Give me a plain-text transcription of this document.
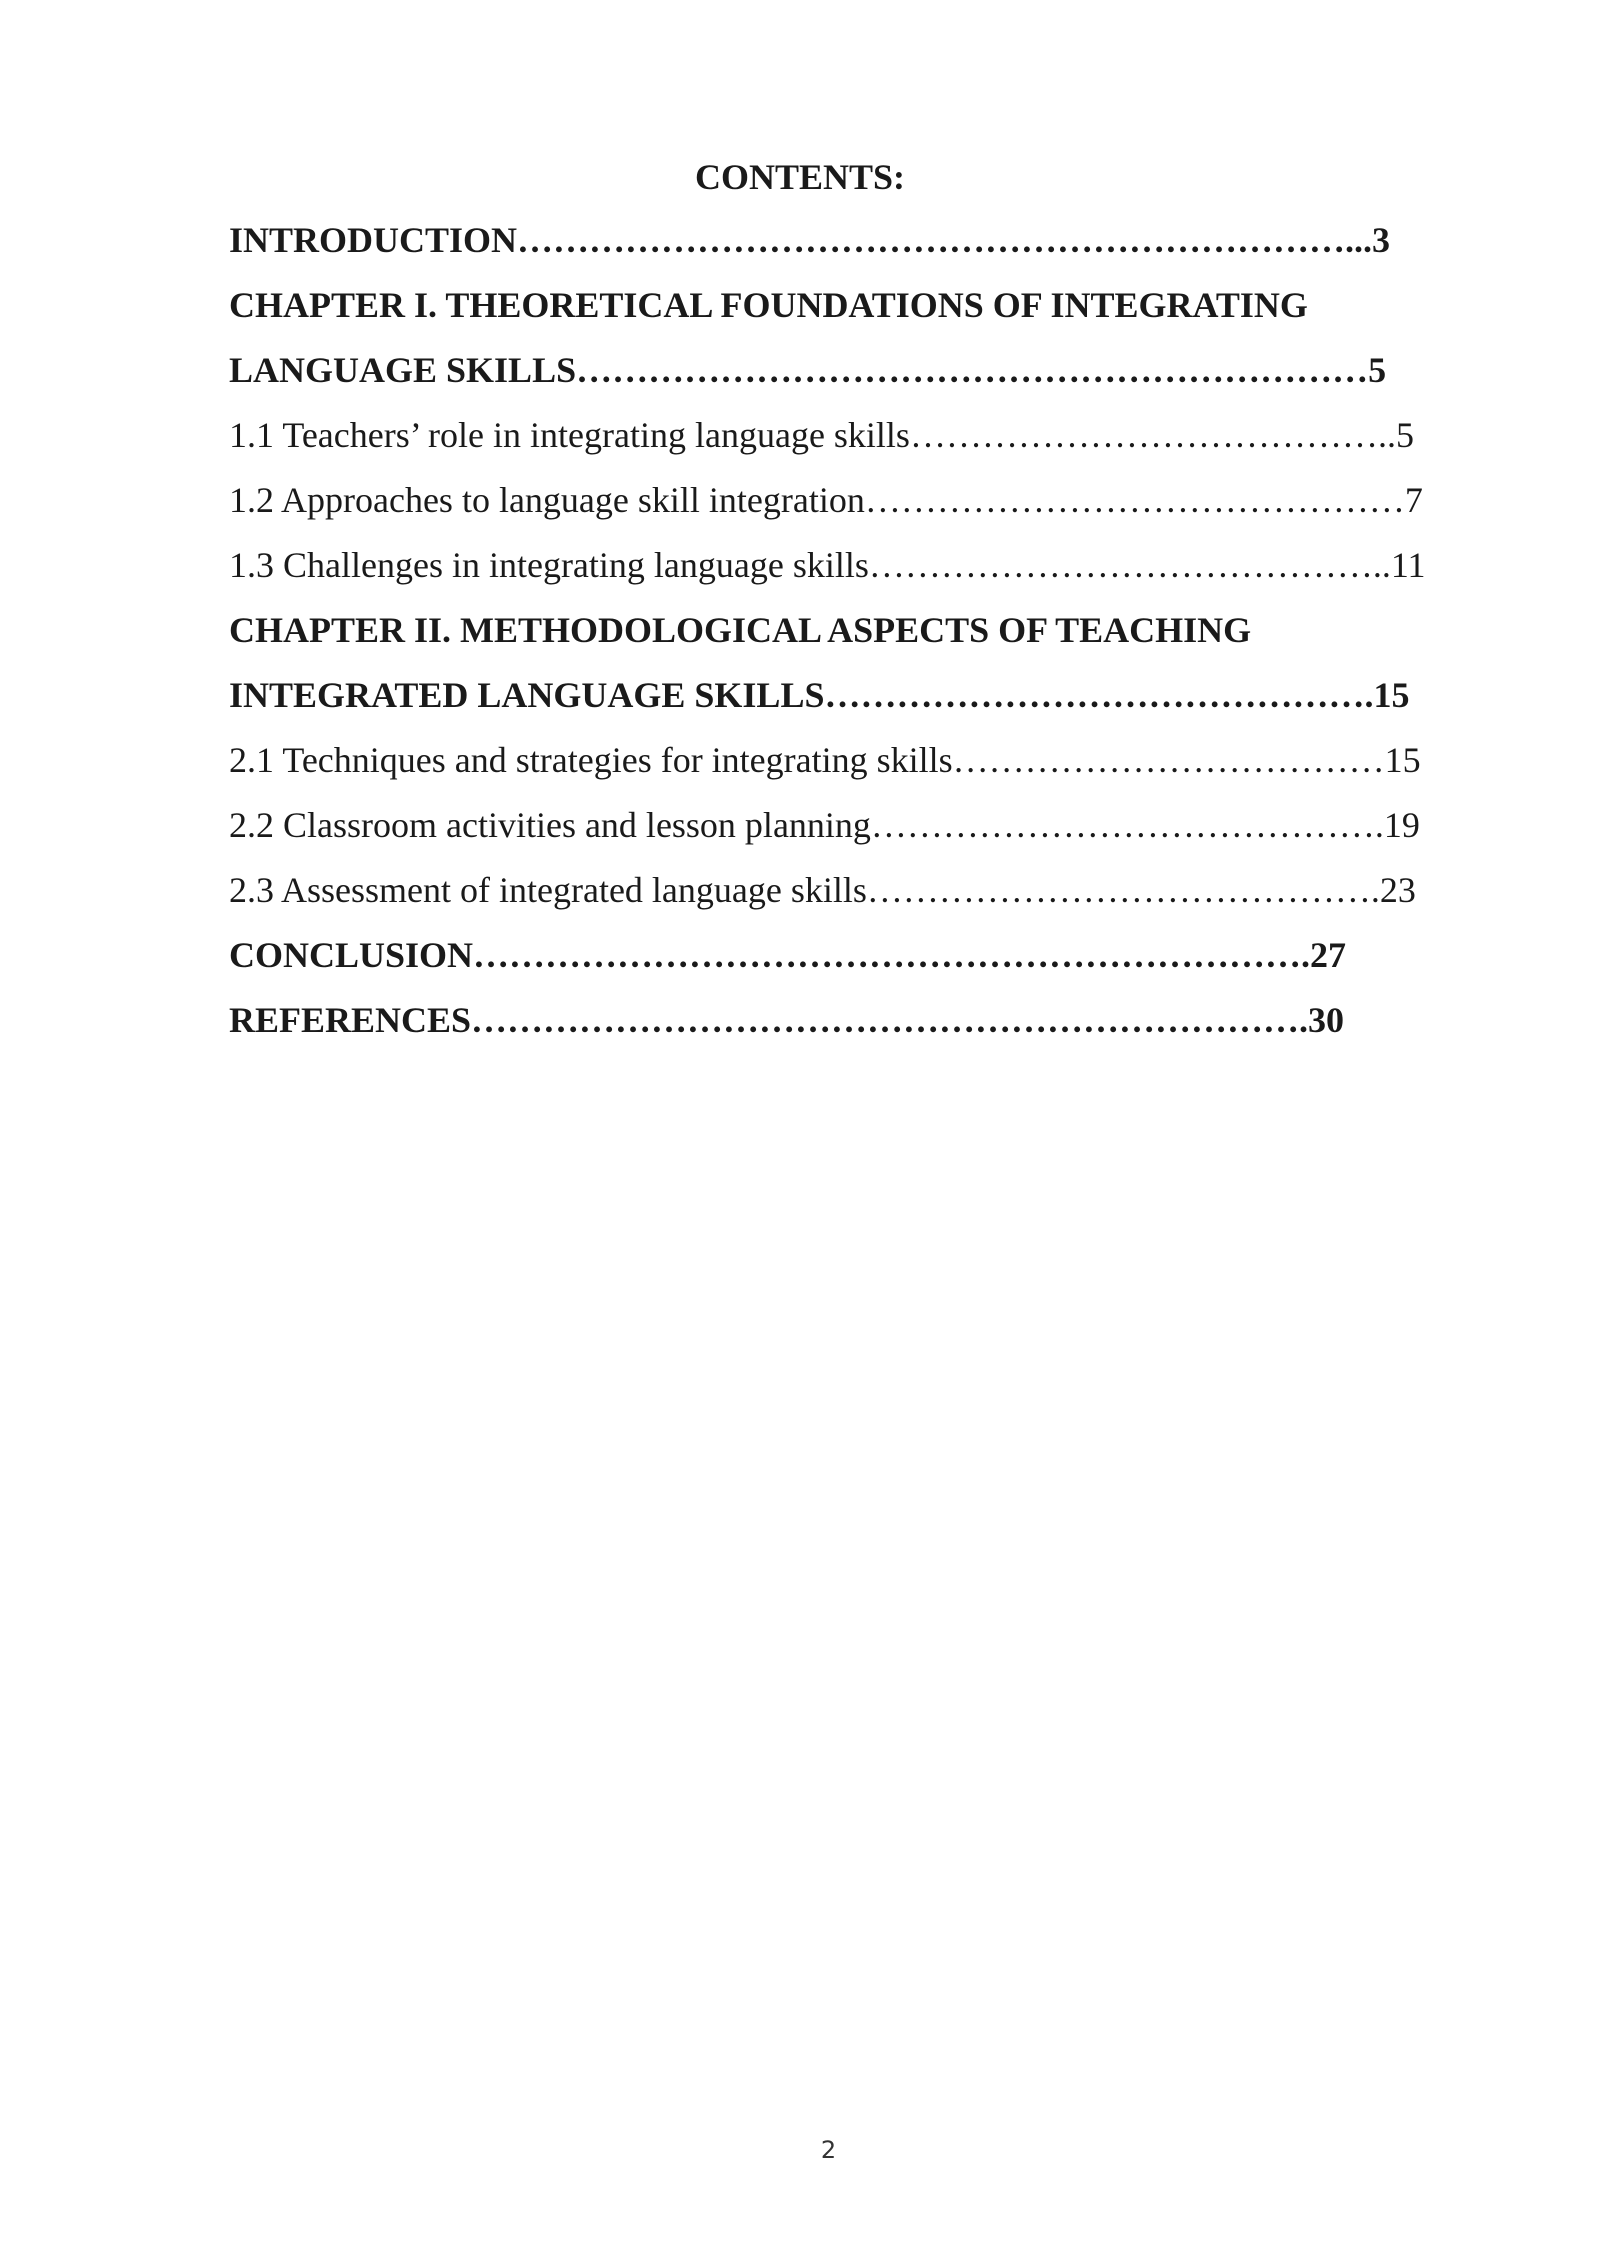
CONTENTS:
INTRODUCTION……………………………………………………………...3
CHAPTER I. THEORETICAL FOUNDATIONS OF INTEGRATING
LANGUAGE SKILLS…………………………………………………………5
1.1 Teachers’ role in integrating language skills…………………………………..5
1.2 Approaches to language skill integration………………………………………7
1.3 Challenges in integrating language skills……………………………………..11
CHAPTER II. METHODOLOGICAL ASPECTS OF TEACHING
INTEGRATED LANGUAGE SKILLS……………………………………….15
2.1 Techniques and strategies for integrating skills………………………………15
2.2 Classroom activities and lesson planning…………………………………….19
2.3 Assessment of integrated language skills…………………………………….23
CONCLUSION…………………………………………………………….27
REFERENCES…………………………………………………………….30
2
